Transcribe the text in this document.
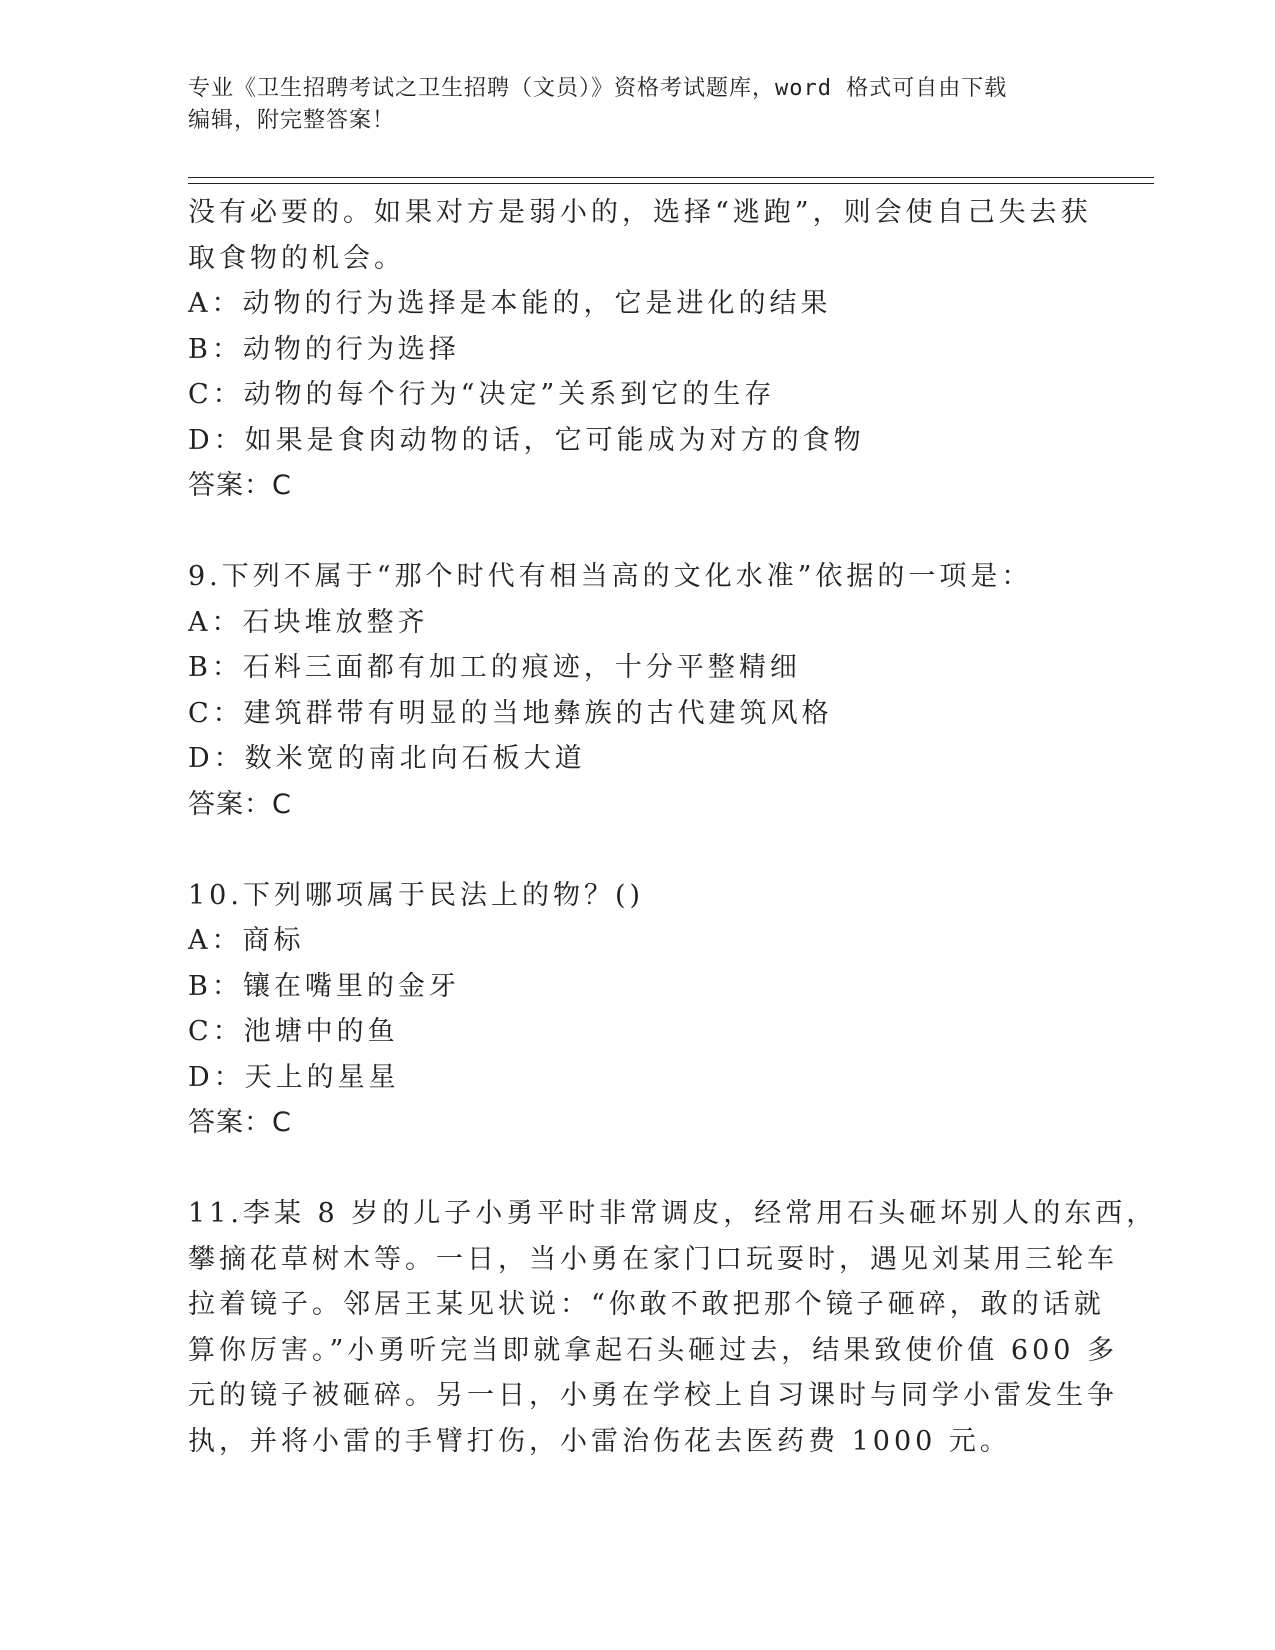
专业《卫生招聘考试之卫生招聘（文员）》资格考试题库，word 格式可自由下载
编辑，附完整答案！

没有必要的。如果对方是弱小的，选择“逃跑”，则会使自己失去获

取食物的机会。

A：动物的行为选择是本能的，它是进化的结果

B：动物的行为选择

C：动物的每个行为“决定”关系到它的生存

D：如果是食肉动物的话，它可能成为对方的食物

答案：C

9.下列不属于“那个时代有相当高的文化水准”依据的一项是：

A：石块堆放整齐

B：石料三面都有加工的痕迹，十分平整精细

C：建筑群带有明显的当地彝族的古代建筑风格

D：数米宽的南北向石板大道

答案：C

10.下列哪项属于民法上的物？()

A：商标

B：镶在嘴里的金牙

C：池塘中的鱼

D：天上的星星

答案：C

11.李某 8 岁的儿子小勇平时非常调皮，经常用石头砸坏别人的东西，

攀摘花草树木等。一日，当小勇在家门口玩耍时，遇见刘某用三轮车

拉着镜子。邻居王某见状说：“你敢不敢把那个镜子砸碎，敢的话就

算你厉害。”小勇听完当即就拿起石头砸过去，结果致使价值 600 多

元的镜子被砸碎。另一日，小勇在学校上自习课时与同学小雷发生争

执，并将小雷的手臂打伤，小雷治伤花去医药费 1000 元。
